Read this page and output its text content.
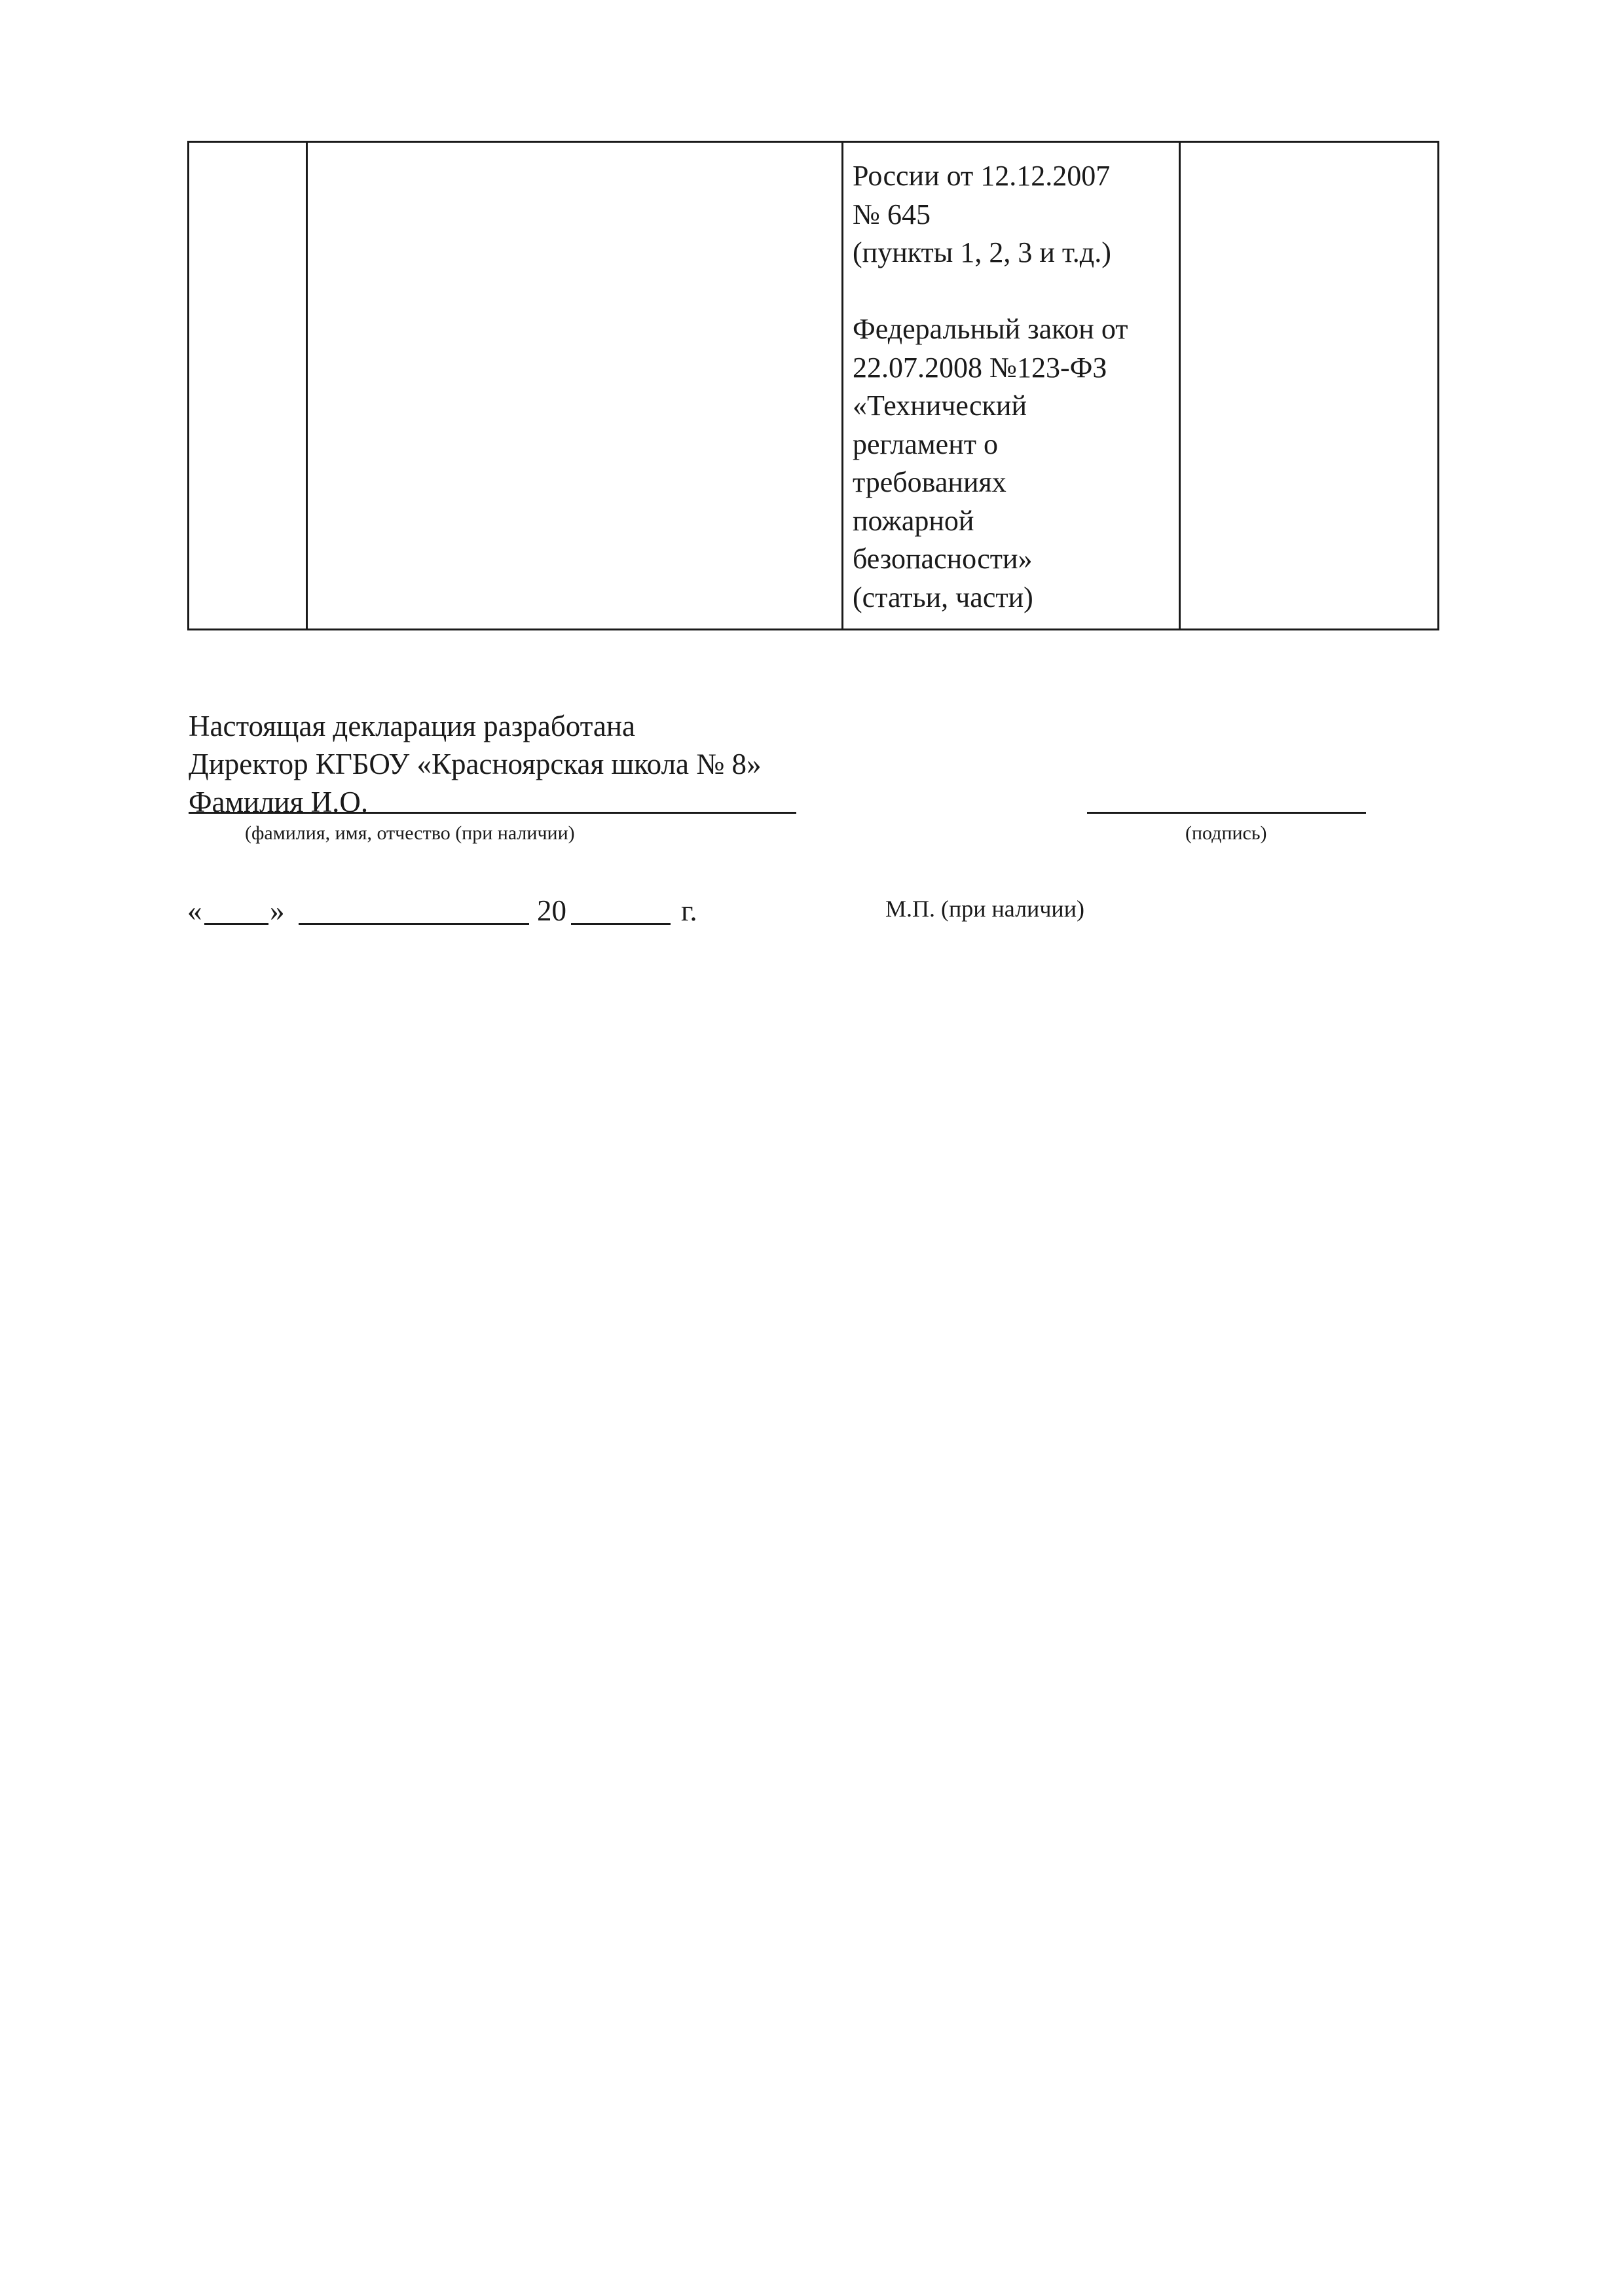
России от 12.12.2007
№ 645
(пункты 1, 2, 3 и т.д.)
Федеральный закон от
22.07.2008 №123-ФЗ
«Технический
регламент о
требованиях
пожарной
безопасности»
(статьи, части)

Настоящая декларация разработана
Директор КГБОУ «Красноярская школа № 8»
Фамилия И.О.
(фамилия, имя, отчество (при наличии)	(подпись)
« »	20	г.	М.П. (при наличии)
